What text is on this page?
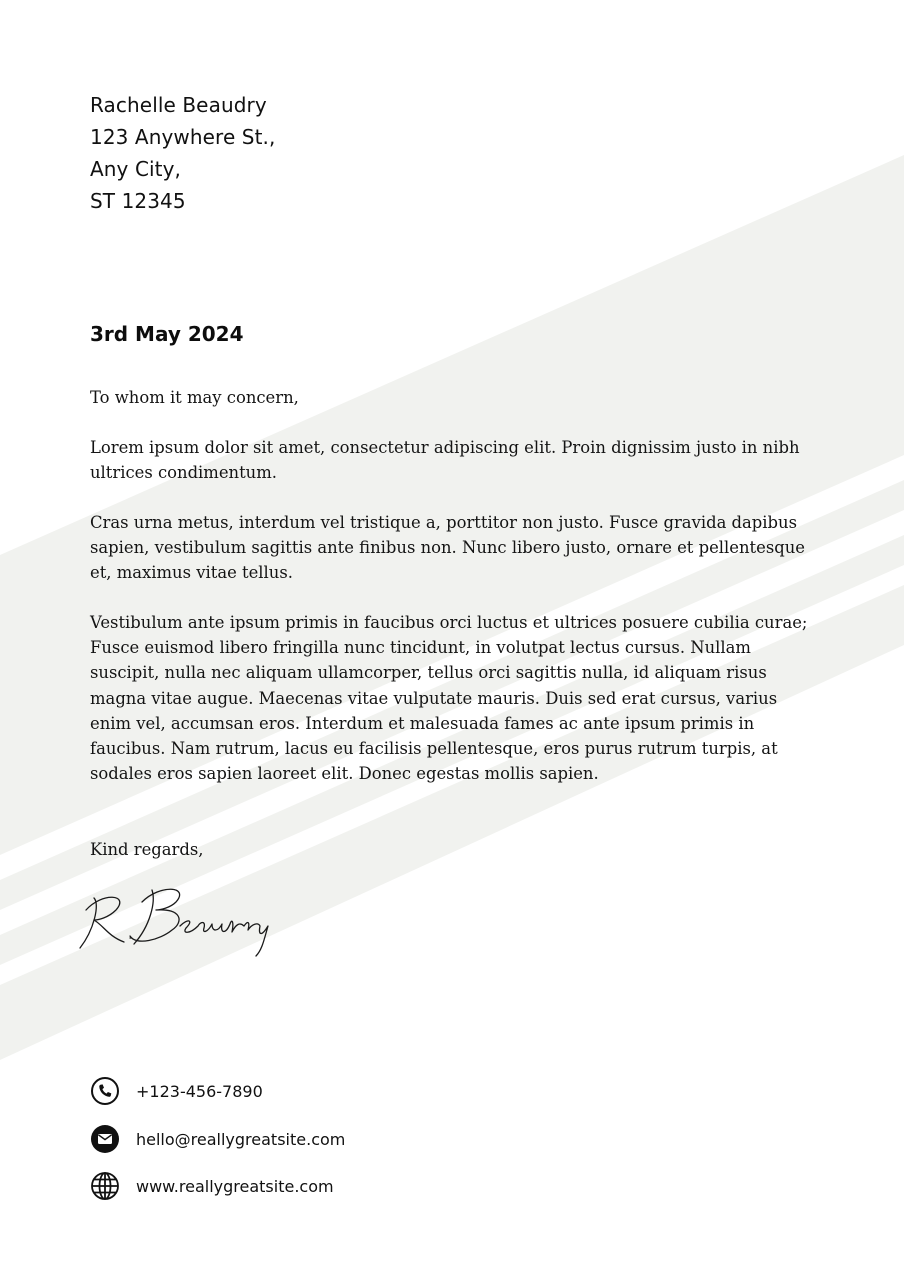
Rachelle Beaudry
123 Anywhere St.,
Any City,
ST 12345
3rd May 2024
To whom it may concern,
Lorem ipsum dolor sit amet, consectetur adipiscing elit. Proin dignissim justo in nibh ultrices condimentum.
Cras urna metus, interdum vel tristique a, porttitor non justo. Fusce gravida dapibus sapien, vestibulum sagittis ante finibus non. Nunc libero justo, ornare et pellentesque et, maximus vitae tellus.
Vestibulum ante ipsum primis in faucibus orci luctus et ultrices posuere cubilia curae; Fusce euismod libero fringilla nunc tincidunt, in volutpat lectus cursus. Nullam suscipit, nulla nec aliquam ullamcorper, tellus orci sagittis nulla, id aliquam risus magna vitae augue. Maecenas vitae vulputate mauris. Duis sed erat cursus, varius enim vel, accumsan eros. Interdum et malesuada fames ac ante ipsum primis in faucibus. Nam rutrum, lacus eu facilisis pellentesque, eros purus rutrum turpis, at sodales eros sapien laoreet elit. Donec egestas mollis sapien.
Kind regards,
+123-456-7890
hello@reallygreatsite.com
www.reallygreatsite.com
